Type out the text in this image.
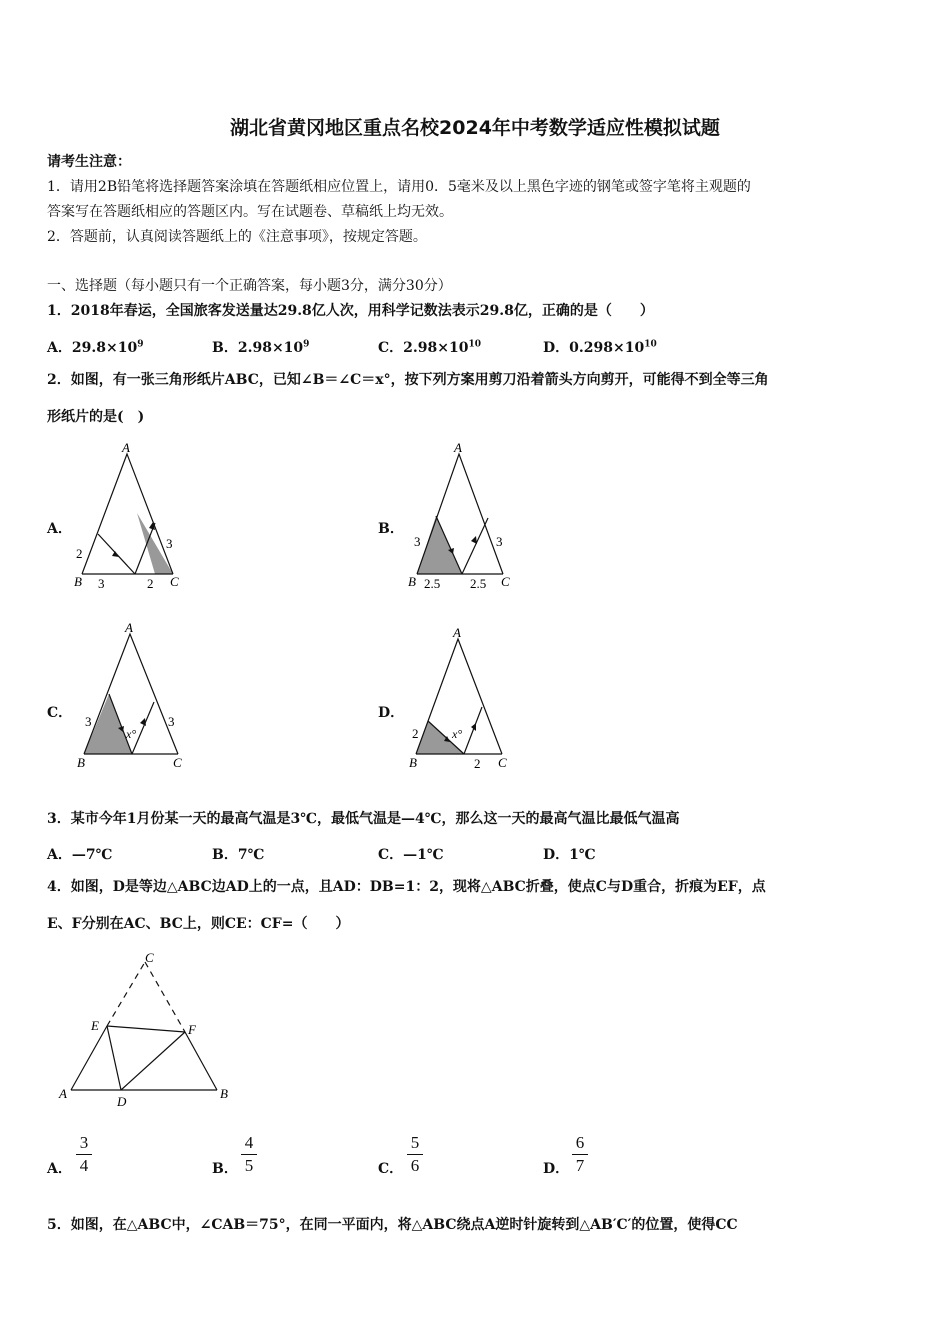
湖北省黄冈地区重点名校2024年中考数学适应性模拟试题
请考生注意：
1．请用2B铅笔将选择题答案涂填在答题纸相应位置上，请用0．5毫米及以上黑色字迹的钢笔或签字笔将主观题的
答案写在答题纸相应的答题区内。写在试题卷、草稿纸上均无效。
2．答题前，认真阅读答题纸上的《注意事项》，按规定答题。
一、选择题（每小题只有一个正确答案，每小题3分，满分30分）
1．2018年春运，全国旅客发送量达29.8亿人次，用科学记数法表示29.8亿，正确的是（　　）
A．$29.8\times 10^9$	B．$2.98\times 10^9$	C．$2.98\times 10^{10}$	D．$0.298\times 10^{10}$
2．如图，有一张三角形纸片ABC，已知∠B＝∠C＝x°，按下列方案用剪刀沿着箭头方向剪开，可能得不到全等三角
形纸片的是(　)
A．	B．
C．	D．
A
B	C
2
3	2
3
A
B	C
3
2.5 2.5
3
A
B	C
3	3
x°
A
B	C
2
2
x°
3．某市今年1月份某一天的最高气温是3℃，最低气温是—4℃，那么这一天的最高气温比最低气温高
A．—7℃	B．7℃	C．—1℃	D．1℃
4．如图，D是等边△ABC边AD上的一点，且AD：DB=1：2，现将△ABC折叠，使点C与D重合，折痕为EF，点
E、F分别在AC、BC上，则CE：CF=（　　）
C
E	F
A
D
B
A．
3
4	B．
4
5	C．
5
6	D．
6
7
5．如图，在△ABC中，∠CAB＝75°，在同一平面内，将△ABC绕点A逆时针旋转到△AB′C′的位置，使得CC
